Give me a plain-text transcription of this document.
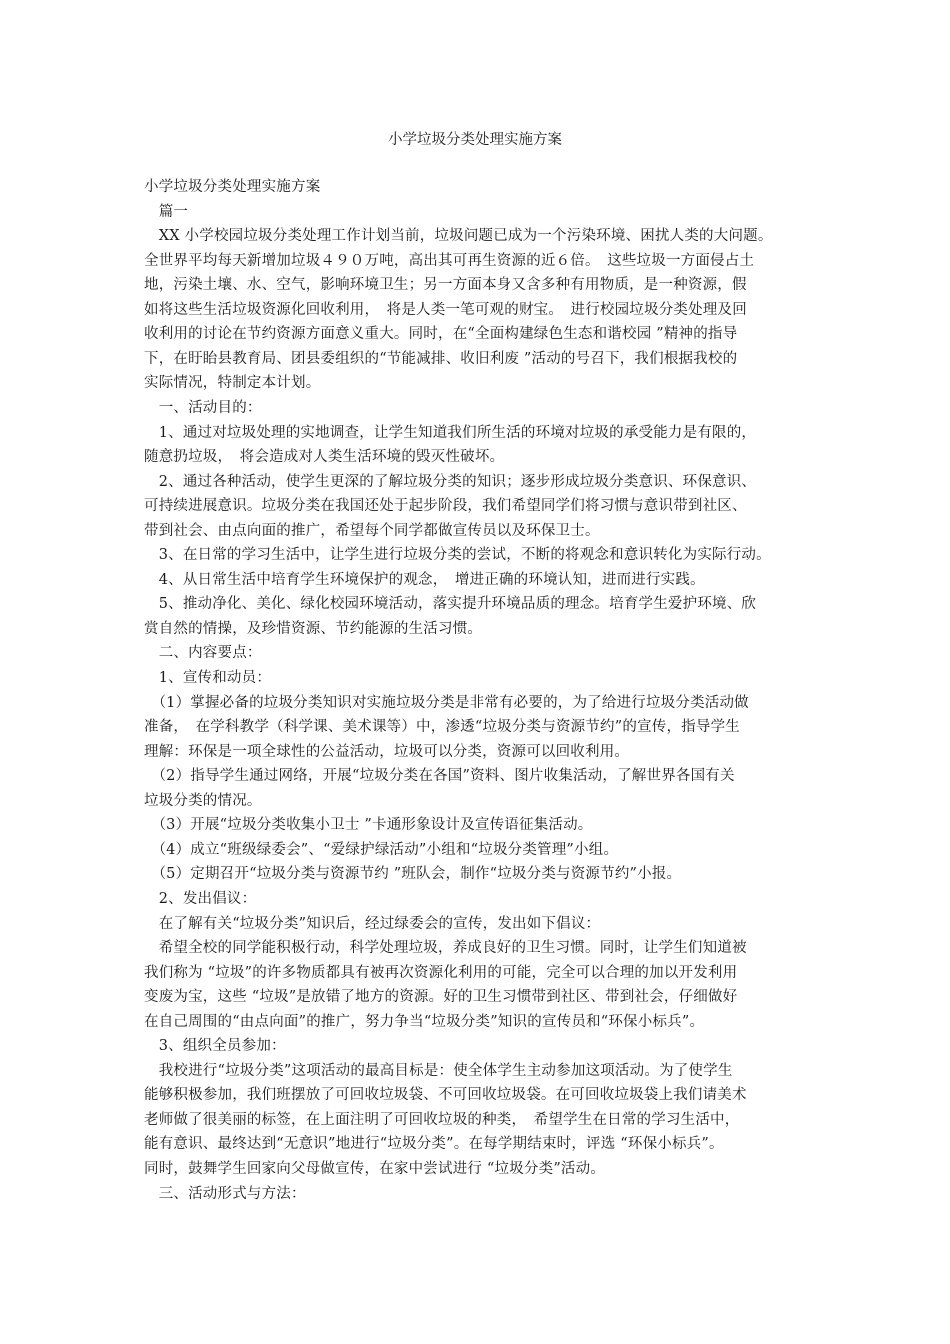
小学垃圾分类处理实施方案
小学垃圾分类处理实施方案
　篇一
　XX 小学校园垃圾分类处理工作计划当前，垃圾问题已成为一个污染环境、困扰人类的大问题。
全世界平均每天新增加垃圾４９０万吨，高出其可再生资源的近６倍。　这些垃圾一方面侵占土
地，污染土壤、水、空气，影响环境卫生；另一方面本身又含多种有用物质，是一种资源，假
如将这些生活垃圾资源化回收利用，　将是人类一笔可观的财宝。　进行校园垃圾分类处理及回
收利用的讨论在节约资源方面意义重大。同时，在“全面构建绿色生态和谐校园 ”精神的指导
下，在盱眙县教育局、团县委组织的“节能减排、收旧利废 ”活动的号召下，我们根据我校的
实际情况，特制定本计划。
　一、活动目的：
　1、通过对垃圾处理的实地调查，让学生知道我们所生活的环境对垃圾的承受能力是有限的，
随意扔垃圾，　将会造成对人类生活环境的毁灭性破坏。
　2、通过各种活动，使学生更深的了解垃圾分类的知识；逐步形成垃圾分类意识、环保意识、
可持续进展意识。垃圾分类在我国还处于起步阶段，我们希望同学们将习惯与意识带到社区、
带到社会、由点向面的推广，希望每个同学都做宣传员以及环保卫士。
　3、在日常的学习生活中，让学生进行垃圾分类的尝试，不断的将观念和意识转化为实际行动。
　4、从日常生活中培育学生环境保护的观念，　增进正确的环境认知，进而进行实践。
　5、推动净化、美化、绿化校园环境活动，落实提升环境品质的理念。培育学生爱护环境、欣
赏自然的情操，及珍惜资源、节约能源的生活习惯。
　二、内容要点：
　1、宣传和动员：
　（1）掌握必备的垃圾分类知识对实施垃圾分类是非常有必要的，为了给进行垃圾分类活动做
准备，　在学科教学（科学课、美术课等）中，渗透“垃圾分类与资源节约”的宣传，指导学生
理解：环保是一项全球性的公益活动，垃圾可以分类，资源可以回收利用。
　（2）指导学生通过网络，开展“垃圾分类在各国”资料、图片收集活动，了解世界各国有关
垃圾分类的情况。
　（3）开展“垃圾分类收集小卫士 ”卡通形象设计及宣传语征集活动。
　（4）成立“班级绿委会”、“爱绿护绿活动”小组和“垃圾分类管理”小组。
　（5）定期召开“垃圾分类与资源节约 ”班队会，制作“垃圾分类与资源节约”小报。
　2、发出倡议：
　在了解有关“垃圾分类”知识后，经过绿委会的宣传，发出如下倡议：
　希望全校的同学能积极行动，科学处理垃圾，养成良好的卫生习惯。同时，让学生们知道被
我们称为 “垃圾”的许多物质都具有被再次资源化利用的可能，完全可以合理的加以开发利用
变废为宝，这些 “垃圾”是放错了地方的资源。好的卫生习惯带到社区、带到社会，仔细做好
在自己周围的“由点向面”的推广，努力争当“垃圾分类”知识的宣传员和“环保小标兵”。
　3、组织全员参加：
　我校进行“垃圾分类”这项活动的最高目标是：使全体学生主动参加这项活动。为了使学生
能够积极参加，我们班摆放了可回收垃圾袋、不可回收垃圾袋。在可回收垃圾袋上我们请美术
老师做了很美丽的标签，在上面注明了可回收垃圾的种类，　希望学生在日常的学习生活中，
能有意识、最终达到“无意识”地进行“垃圾分类”。在每学期结束时，评选 “环保小标兵”。
同时，鼓舞学生回家向父母做宣传，在家中尝试进行 “垃圾分类”活动。
　三、活动形式与方法：
